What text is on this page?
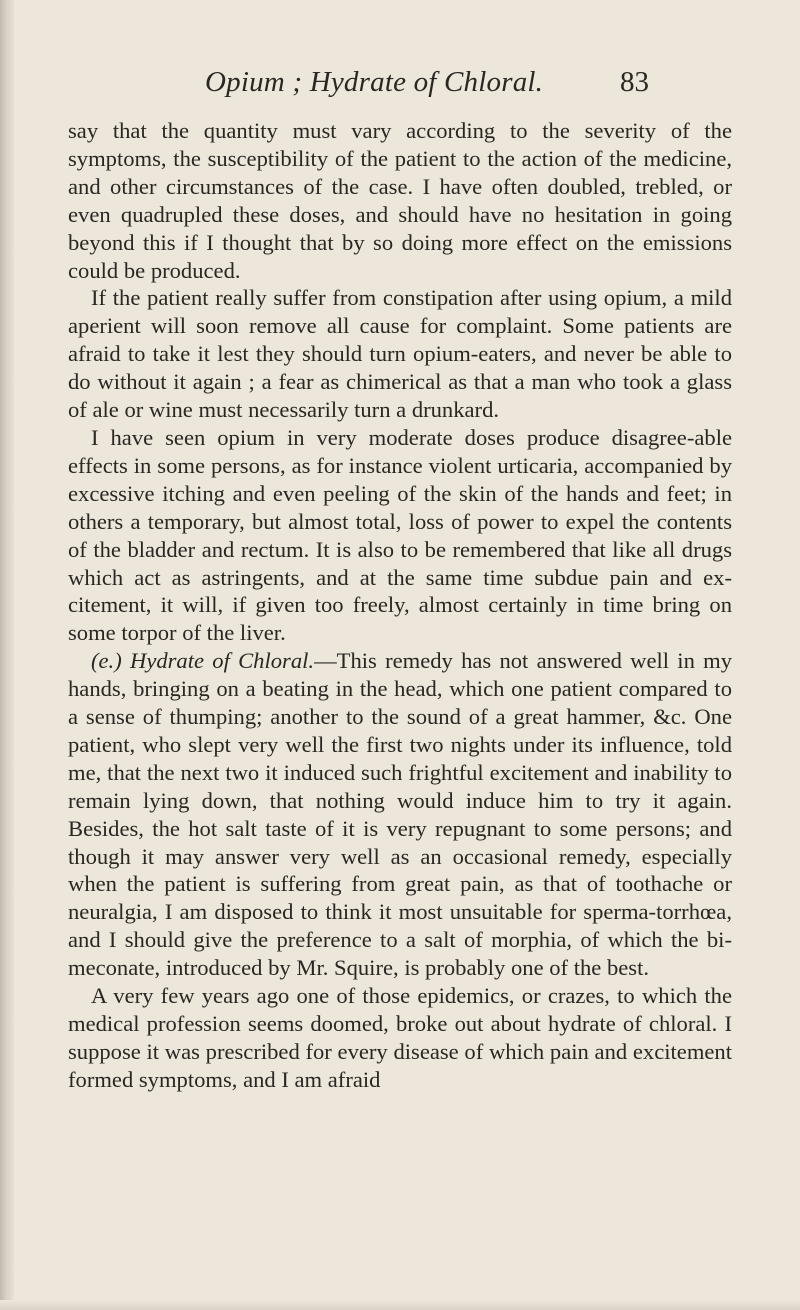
Opium ; Hydrate of Chloral.	83

say that the quantity must vary according to the severity of the symptoms, the susceptibility of the patient to the action of the medicine, and other circumstances of the case. I have often doubled, trebled, or even quadrupled these doses, and should have no hesitation in going beyond this if I thought that by so doing more effect on the emissions could be produced.

If the patient really suffer from constipation after using opium, a mild aperient will soon remove all cause for complaint. Some patients are afraid to take it lest they should turn opium-eaters, and never be able to do without it again ; a fear as chimerical as that a man who took a glass of ale or wine must necessarily turn a drunkard.

I have seen opium in very moderate doses produce disagree-able effects in some persons, as for instance violent urticaria, accompanied by excessive itching and even peeling of the skin of the hands and feet; in others a temporary, but almost total, loss of power to expel the contents of the bladder and rectum. It is also to be remembered that like all drugs which act as astringents, and at the same time subdue pain and ex-citement, it will, if given too freely, almost certainly in time bring on some torpor of the liver.

(e.) Hydrate of Chloral.—This remedy has not answered well in my hands, bringing on a beating in the head, which one patient compared to a sense of thumping; another to the sound of a great hammer, &c. One patient, who slept very well the first two nights under its influence, told me, that the next two it induced such frightful excitement and inability to remain lying down, that nothing would induce him to try it again. Besides, the hot salt taste of it is very repugnant to some persons; and though it may answer very well as an occasional remedy, especially when the patient is suffering from great pain, as that of toothache or neuralgia, I am disposed to think it most unsuitable for sperma-torrhœa, and I should give the preference to a salt of morphia, of which the bi-meconate, introduced by Mr. Squire, is probably one of the best.

A very few years ago one of those epidemics, or crazes, to which the medical profession seems doomed, broke out about hydrate of chloral. I suppose it was prescribed for every disease of which pain and excitement formed symptoms, and I am afraid
